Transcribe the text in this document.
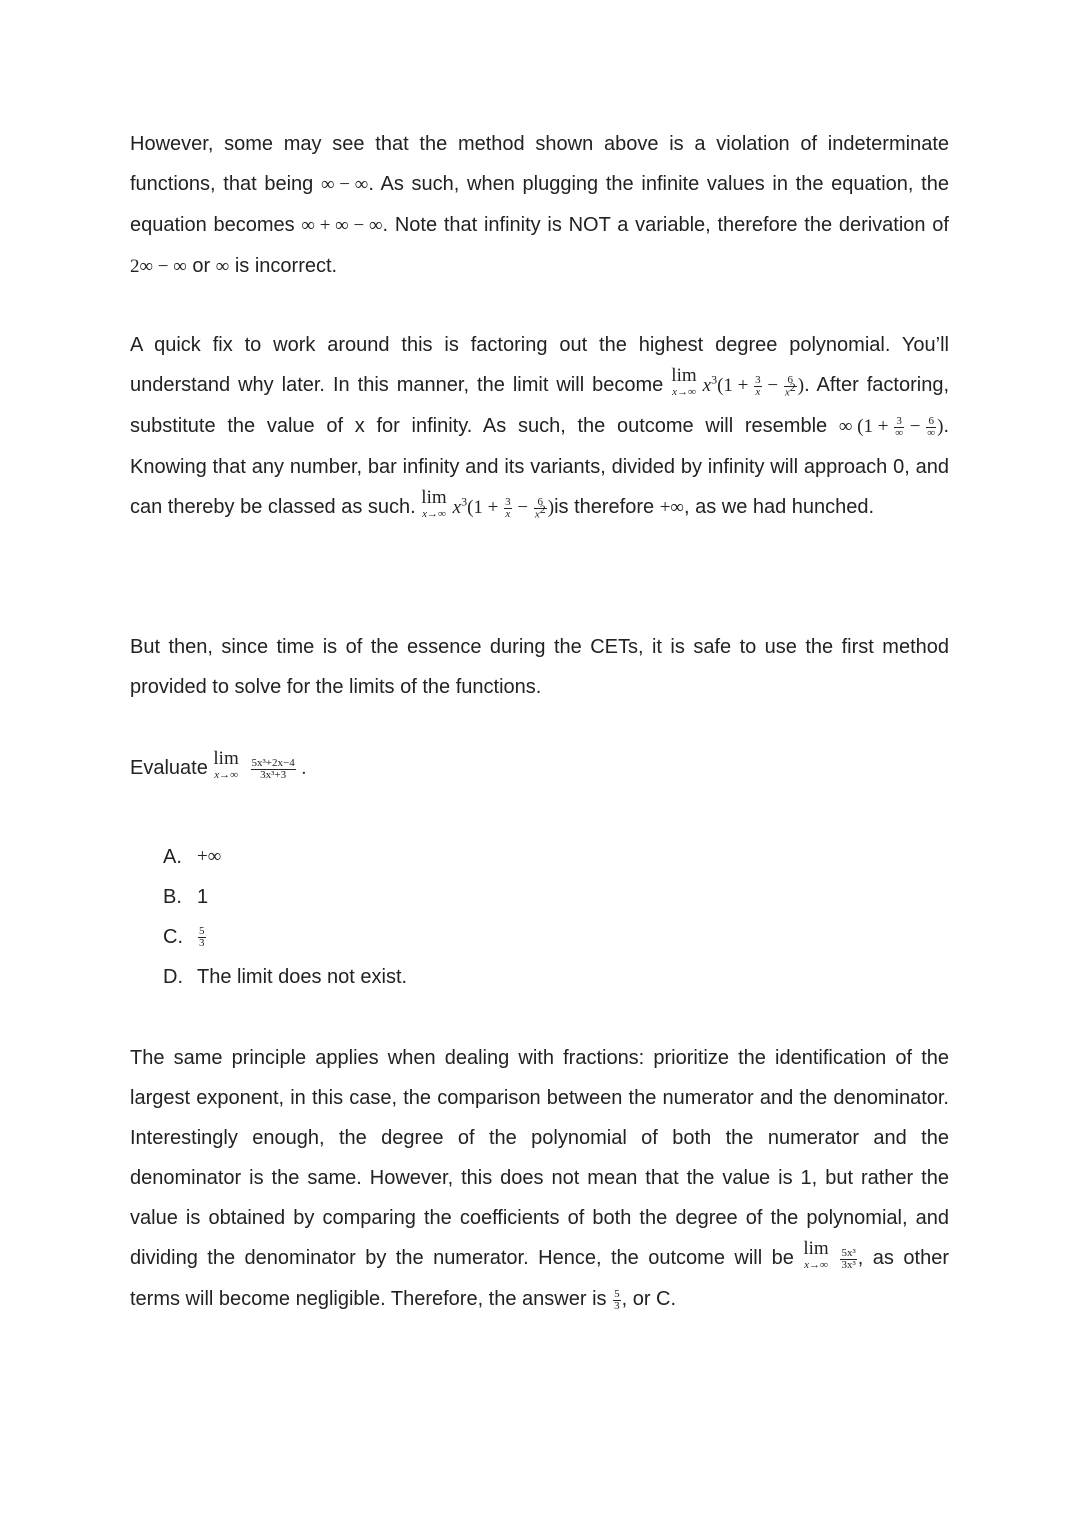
However, some may see that the method shown above is a violation of indeterminate functions, that being ∞ − ∞. As such, when plugging the infinite values in the equation, the equation becomes ∞ + ∞ − ∞. Note that infinity is NOT a variable, therefore the derivation of 2∞ − ∞ or ∞ is incorrect.

A quick fix to work around this is factoring out the highest degree polynomial. You’ll understand why later. In this manner, the limit will become lim
x→∞ $x^3(1 + \frac{3}{x} - \frac{6}{x^2}$ ). After factoring, substitute the value of x for infinity. As such, the outcome will resemble ∞ ($1 + \frac{3}{\infty} - \frac{6}{\infty}$ ). Knowing that any number, bar infinity and its variants, divided by infinity will approach 0, and can thereby be classed as such. lim
x→∞ $x^3(1 + \frac{3}{x} - \frac{6}{x^2} )is$ therefore +∞, as we had hunched.

But then, since time is of the essence during the CETs, it is safe to use the first method provided to solve for the limits of the functions.

Evaluate lim
x→∞
$\frac{\text{5x³+2x−4}}{\text{3x³+3}}$ .

A. +∞
B. 1
C.	$\frac{5}{3}$
D. The limit does not exist.

The same principle applies when dealing with fractions: prioritize the identification of the largest exponent, in this case, the comparison between the numerator and the denominator. Interestingly enough, the degree of the polynomial of both the numerator and the denominator is the same. However, this does not mean that the value is 1, but rather the value is obtained by comparing the coefficients of both the degree of the polynomial, and dividing the denominator by the numerator. Hence, the outcome will be lim
x→∞
$\frac{\text{5x³}}{\text{3x³}}$ , as other terms will become negligible. Therefore, the answer is $\frac{5}{3}$ , or C.
